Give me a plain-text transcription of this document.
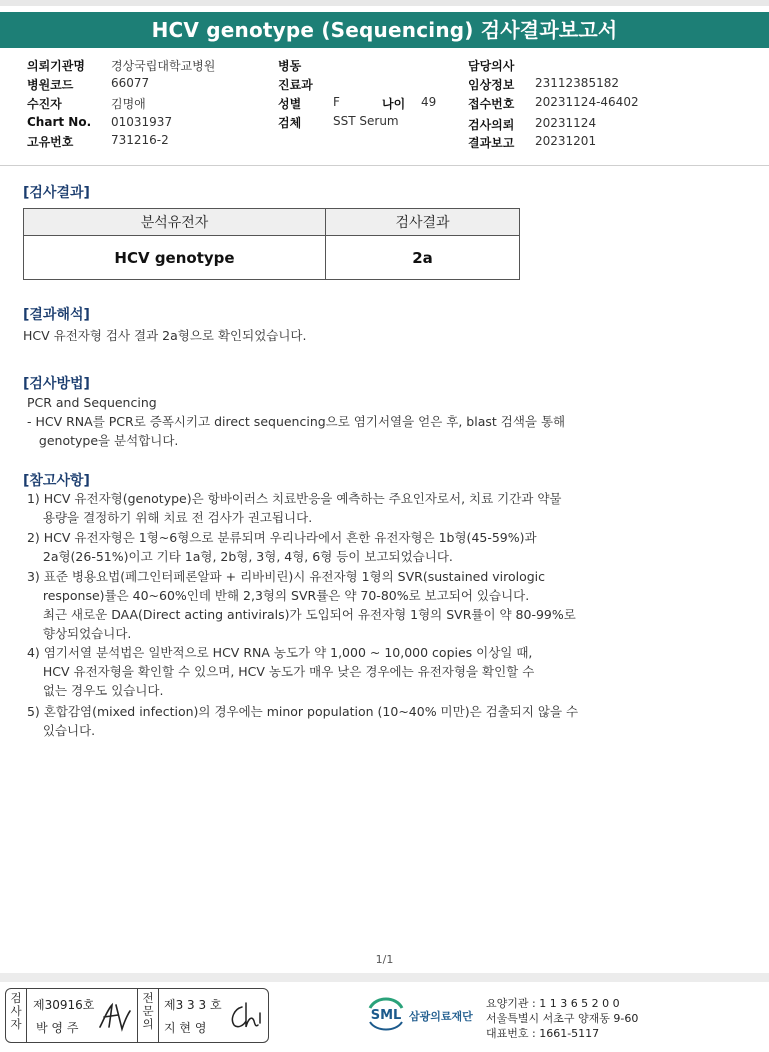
HCV genotype (Sequencing) 검사결과보고서
의뢰기관명 경상국립대학교병원
병원코드	66077
수진자	김명애
Chart No. 01031937
고유번호	731216-2
병동
진료과
성별	F	나이 49
검체	SST Serum
담당의사
임상정보 23112385182
접수번호 20231124-46402
검사의뢰 20231124
결과보고 20231201
[검사결과]
분석유전자	검사결과
HCV genotype	2a
[결과해석]
HCV 유전자형 검사 결과 2a형으로 확인되었습니다.
[검사방법]
PCR and Sequencing
- HCV RNA를 PCR로 증폭시키고 direct sequencing으로 염기서열을 얻은 후, blast 검색을 통해
genotype을 분석합니다.
[참고사항]
1) HCV 유전자형(genotype)은 항바이러스 치료반응을 예측하는 주요인자로서, 치료 기간과 약물
용량을 결정하기 위해 치료 전 검사가 권고됩니다.
2) HCV 유전자형은 1형~6형으로 분류되며 우리나라에서 흔한 유전자형은 1b형(45-59%)과
2a형(26-51%)이고 기타 1a형, 2b형, 3형, 4형, 6형 등이 보고되었습니다.
3) 표준 병용요법(페그인터페론알파 + 리바비린)시 유전자형 1형의 SVR(sustained virologic
response)률은 40~60%인데 반해 2,3형의 SVR률은 약 70-80%로 보고되어 있습니다.
최근 새로운 DAA(Direct acting antivirals)가 도입되어 유전자형 1형의 SVR률이 약 80-99%로
향상되었습니다.
4) 염기서열 분석법은 일반적으로 HCV RNA 농도가 약 1,000 ~ 10,000 copies 이상일 때,
HCV 유전자형을 확인할 수 있으며, HCV 농도가 매우 낮은 경우에는 유전자형을 확인할 수
없는 경우도 있습니다.
5) 혼합감염(mixed infection)의 경우에는 minor population (10~40% 미만)은 검출되지 않을 수
있습니다.
1/1
검
사
자
제30916호
박 영 주
전
문
의
제3 3 3 호
지 현 영
SML 삼광의료재단
요양기관 : 1 1 3 6 5 2 0 0
서울특별시 서초구 양재동 9-60
대표번호 : 1661-5117
